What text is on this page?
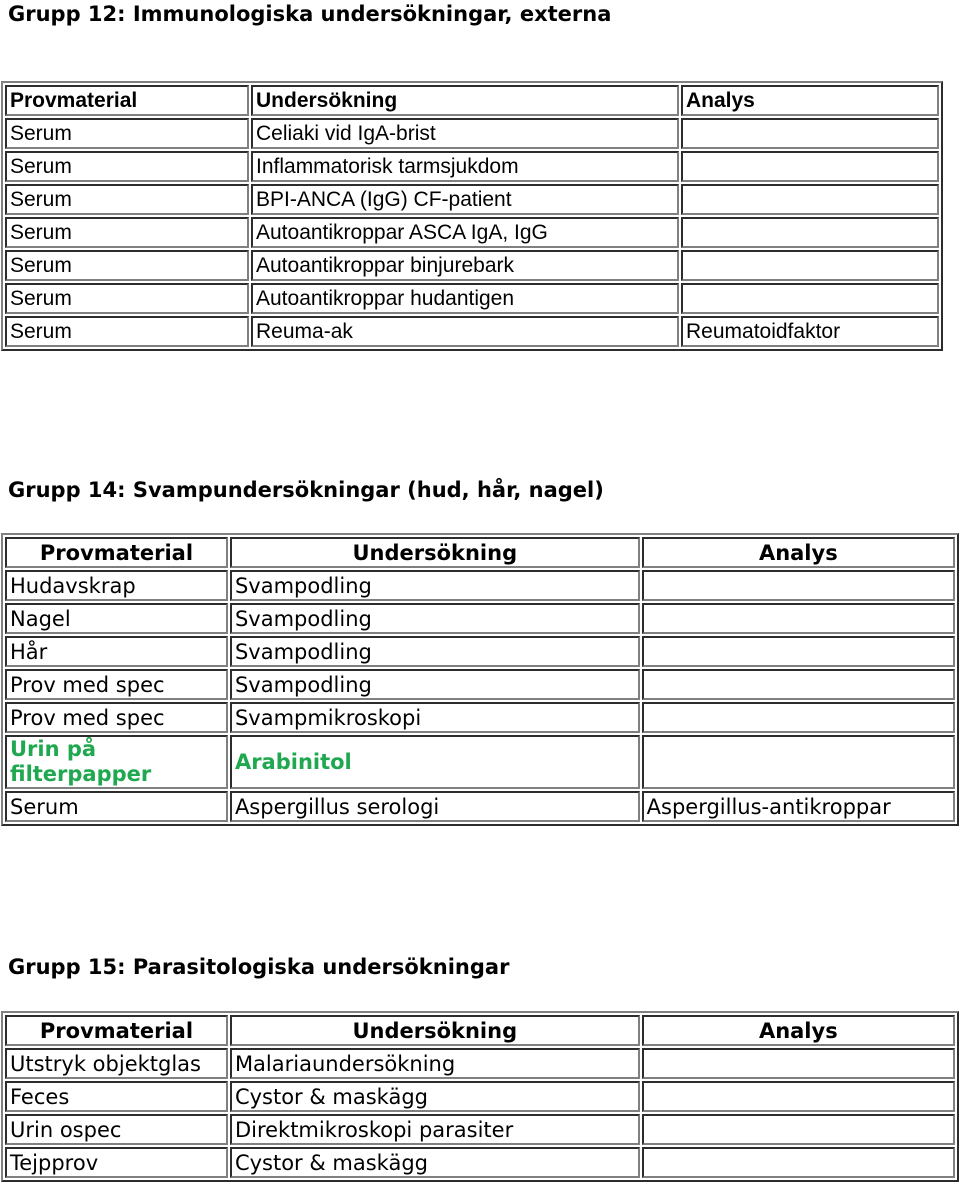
Grupp 12: Immunologiska undersökningar, externa
Provmaterial	Undersökning	Analys
Serum	Celiaki vid IgA-brist	
Serum	Inflammatorisk tarmsjukdom	
Serum	BPI-ANCA (IgG) CF-patient	
Serum	Autoantikroppar ASCA IgA, IgG	
Serum	Autoantikroppar binjurebark	
Serum	Autoantikroppar hudantigen	
Serum	Reuma-ak	Reumatoidfaktor
Grupp 14: Svampundersökningar (hud, hår, nagel)
Provmaterial	Undersökning	Analys
Hudavskrap	Svampodling	
Nagel	Svampodling	
Hår	Svampodling	
Prov med spec	Svampodling	
Prov med spec	Svampmikroskopi	
Urin på filterpapper	Arabinitol	
Serum	Aspergillus serologi	Aspergillus-antikroppar
Grupp 15: Parasitologiska undersökningar
Provmaterial	Undersökning	Analys
Utstryk objektglas	Malariaundersökning	
Feces	Cystor & maskägg	
Urin ospec	Direktmikroskopi parasiter	
Tejpprov	Cystor & maskägg	
